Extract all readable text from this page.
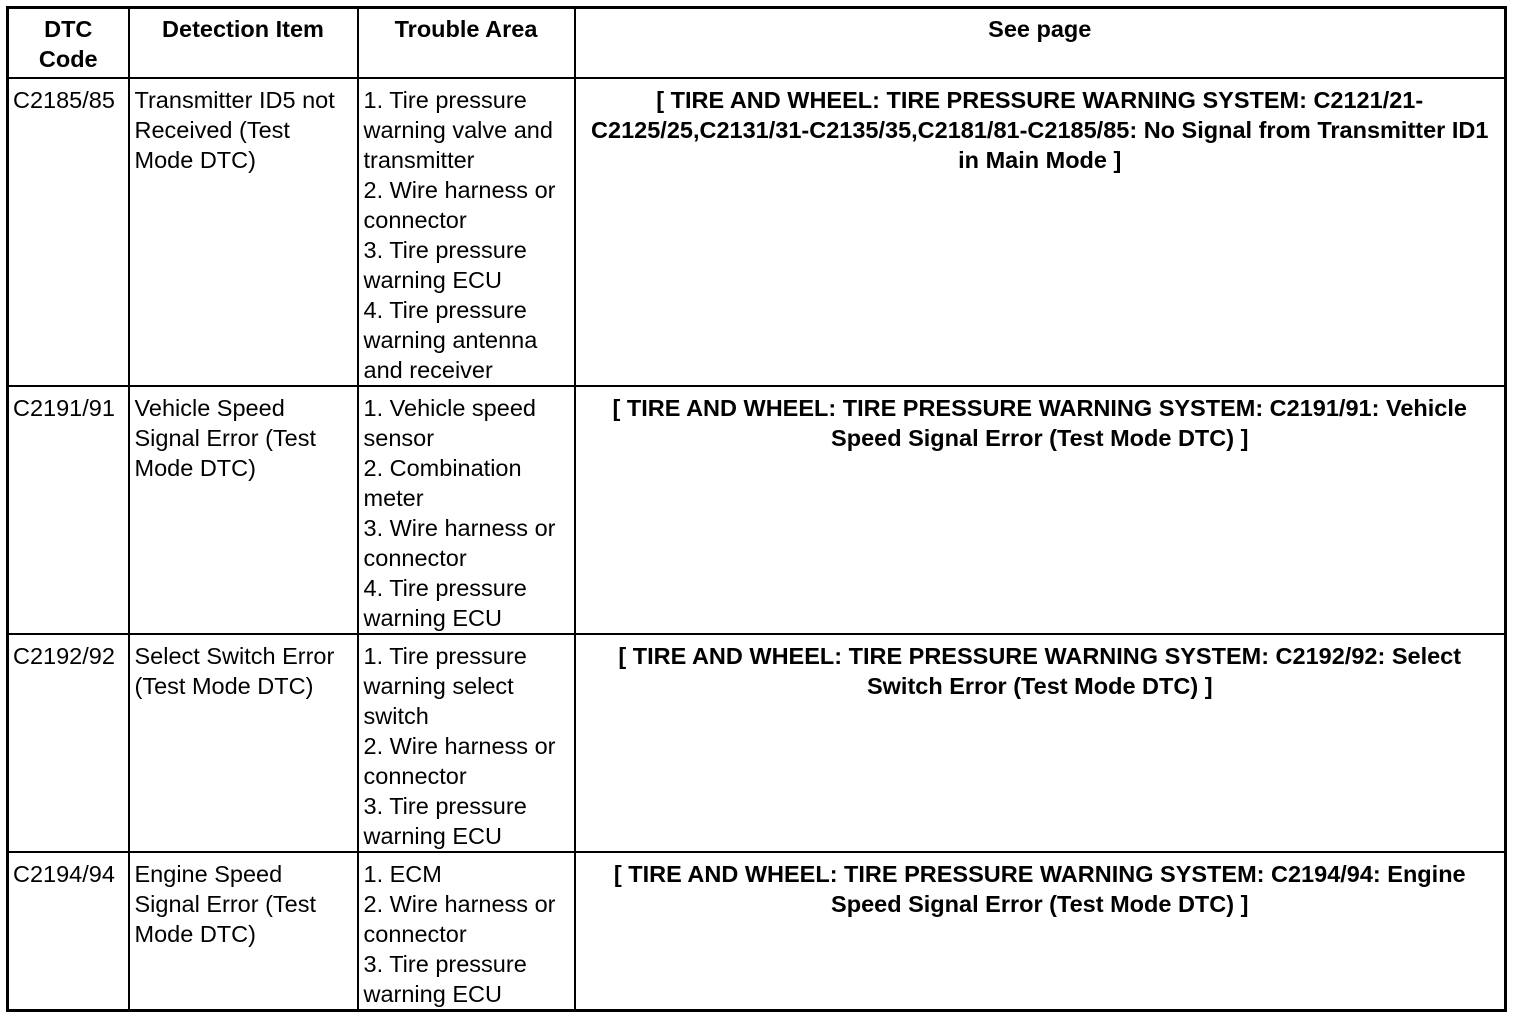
DTC Code	Detection Item	Trouble Area	See page
C2185/85	Transmitter ID5 not Received (Test Mode DTC)	1. Tire pressure warning valve and transmitter
2. Wire harness or connector
3. Tire pressure warning ECU
4. Tire pressure warning antenna and receiver	[ TIRE AND WHEEL: TIRE PRESSURE WARNING SYSTEM: C2121/21-C2125/25,C2131/31-C2135/35,C2181/81-C2185/85: No Signal from Transmitter ID1 in Main Mode ]
C2191/91	Vehicle Speed Signal Error (Test Mode DTC)	1. Vehicle speed sensor
2. Combination meter
3. Wire harness or connector
4. Tire pressure warning ECU	[ TIRE AND WHEEL: TIRE PRESSURE WARNING SYSTEM: C2191/91: Vehicle Speed Signal Error (Test Mode DTC) ]
C2192/92	Select Switch Error (Test Mode DTC)	1. Tire pressure warning select switch
2. Wire harness or connector
3. Tire pressure warning ECU	[ TIRE AND WHEEL: TIRE PRESSURE WARNING SYSTEM: C2192/92: Select Switch Error (Test Mode DTC) ]
C2194/94	Engine Speed Signal Error (Test Mode DTC)	1. ECM
2. Wire harness or connector
3. Tire pressure warning ECU	[ TIRE AND WHEEL: TIRE PRESSURE WARNING SYSTEM: C2194/94: Engine Speed Signal Error (Test Mode DTC) ]
